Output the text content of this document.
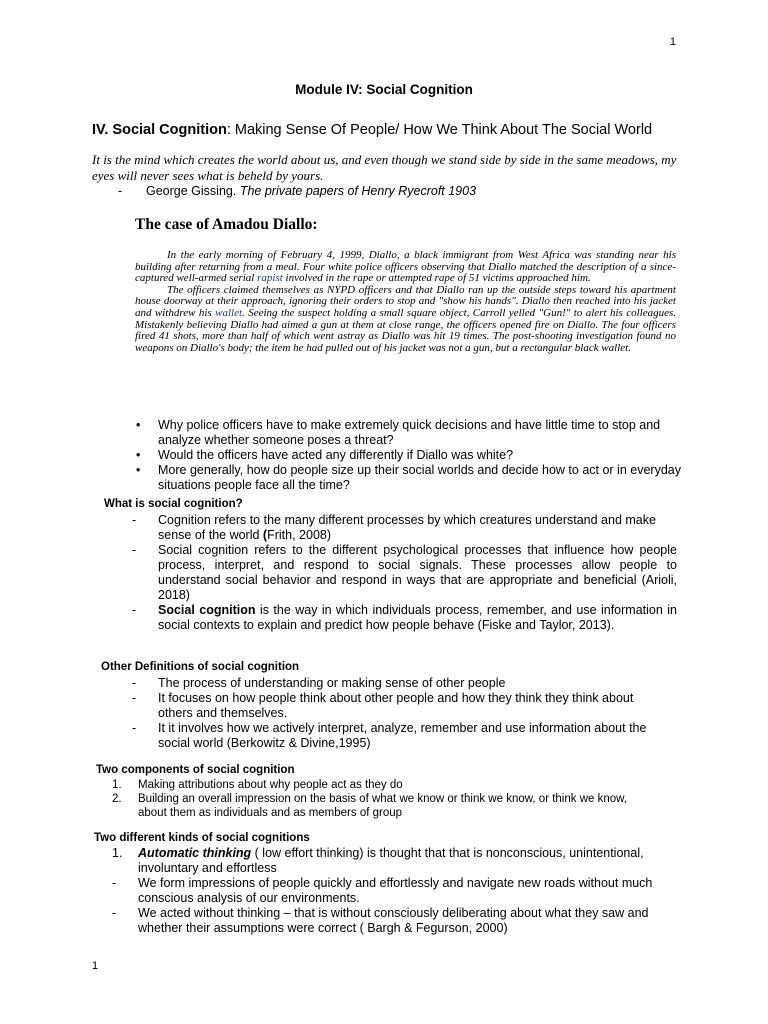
1
Module IV: Social Cognition
IV. Social Cognition: Making Sense Of People/ How We Think About The Social World
It is the mind which creates the world about us, and even though we stand side by side in the same meadows, my eyes will never sees what is beheld by yours.
- George Gissing. The private papers of Henry Ryecroft 1903
The case of Amadou Diallo:

In the early morning of February 4, 1999, Diallo, a black immigrant from West Africa was standing near his building after returning from a meal. Four white police officers observing that Diallo matched the description of a since-captured well-armed serial rapist involved in the rape or attempted rape of 51 victims approached him.

The officers claimed themselves as NYPD officers and that Diallo ran up the outside steps toward his apartment house doorway at their approach, ignoring their orders to stop and "show his hands". Diallo then reached into his jacket and withdrew his wallet. Seeing the suspect holding a small square object, Carroll yelled "Gun!" to alert his colleagues. Mistakenly believing Diallo had aimed a gun at them at close range, the officers opened fire on Diallo. The four officers fired 41 shots, more than half of which went astray as Diallo was hit 19 times. The post-shooting investigation found no weapons on Diallo's body; the item he had pulled out of his jacket was not a gun, but a rectangular black wallet.

• Why police officers have to make extremely quick decisions and have little time to stop and analyze whether someone poses a threat?
• Would the officers have acted any differently if Diallo was white?
• More generally, how do people size up their social worlds and decide how to act or in everyday situations people face all the time?
What is social cognition?
- Cognition refers to the many different processes by which creatures understand and make sense of the world (Frith, 2008)
- Social cognition refers to the different psychological processes that influence how people process, interpret, and respond to social signals. These processes allow people to understand social behavior and respond in ways that are appropriate and beneficial (Arioli, 2018)
- Social cognition is the way in which individuals process, remember, and use information in social contexts to explain and predict how people behave (Fiske and Taylor, 2013).
Other Definitions of social cognition
- The process of understanding or making sense of other people
- It focuses on how people think about other people and how they think they think about others and themselves.
- It it involves how we actively interpret, analyze, remember and use information about the social world (Berkowitz & Divine,1995)
Two components of social cognition
1. Making attributions about why people act as they do
2. Building an overall impression on the basis of what we know or think we know, or think we know, about them as individuals and as members of group
Two different kinds of social cognitions
1. Automatic thinking ( low effort thinking) is thought that that is nonconscious, unintentional, involuntary and effortless
- We form impressions of people quickly and effortlessly and navigate new roads without much conscious analysis of our environments.
- We acted without thinking – that is without consciously deliberating about what they saw and whether their assumptions were correct ( Bargh & Fegurson, 2000)
1
